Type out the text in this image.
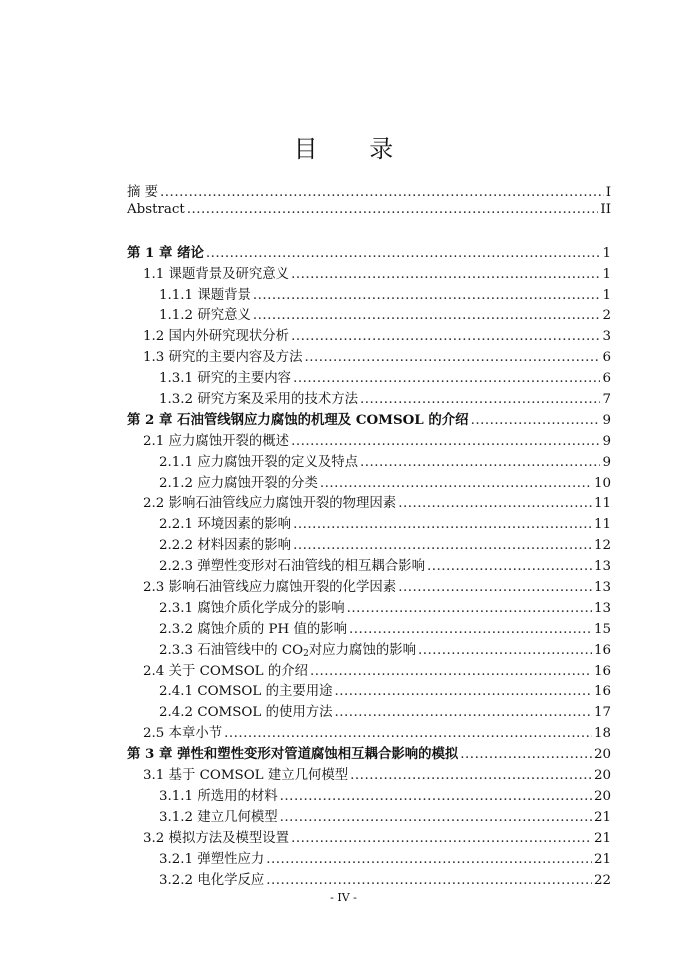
目 录
摘 要 .....	I
Abstract .....	II
第 1 章 绪论 .....	1
1.1 课题背景及研究意义 .....	1
1.1.1 课题背景 .....	1
1.1.2 研究意义 .....	2
1.2 国内外研究现状分析 .....	3
1.3 研究的主要内容及方法 .....	6
1.3.1 研究的主要内容 .....	6
1.3.2 研究方案及采用的技术方法 .....	7
第 2 章 石油管线钢应力腐蚀的机理及 COMSOL 的介绍 .....	9
2.1 应力腐蚀开裂的概述 .....	9
2.1.1 应力腐蚀开裂的定义及特点 .....	9
2.1.2 应力腐蚀开裂的分类 .....	10
2.2 影响石油管线应力腐蚀开裂的物理因素 .....	11
2.2.1 环境因素的影响 .....	11
2.2.2 材料因素的影响 .....	12
2.2.3 弹塑性变形对石油管线的相互耦合影响 .....	13
2.3 影响石油管线应力腐蚀开裂的化学因素 .....	13
2.3.1 腐蚀介质化学成分的影响 .....	13
2.3.2 腐蚀介质的 PH 值的影响 .....	15
2.3.3 石油管线中的 $CO_2$对应力腐蚀的影响 .....	16
2.4 关于 COMSOL 的介绍 .....	16
2.4.1 COMSOL 的主要用途 .....	16
2.4.2 COMSOL 的使用方法 .....	17
2.5 本章小节 .....	18
第 3 章 弹性和塑性变形对管道腐蚀相互耦合影响的模拟 .....	20
3.1 基于 COMSOL 建立几何模型 .....	20
3.1.1 所选用的材料 .....	20
3.1.2 建立几何模型 .....	21
3.2 模拟方法及模型设置 .....	21
3.2.1 弹塑性应力 .....	21
3.2.2 电化学反应 .....	22
- IV -
